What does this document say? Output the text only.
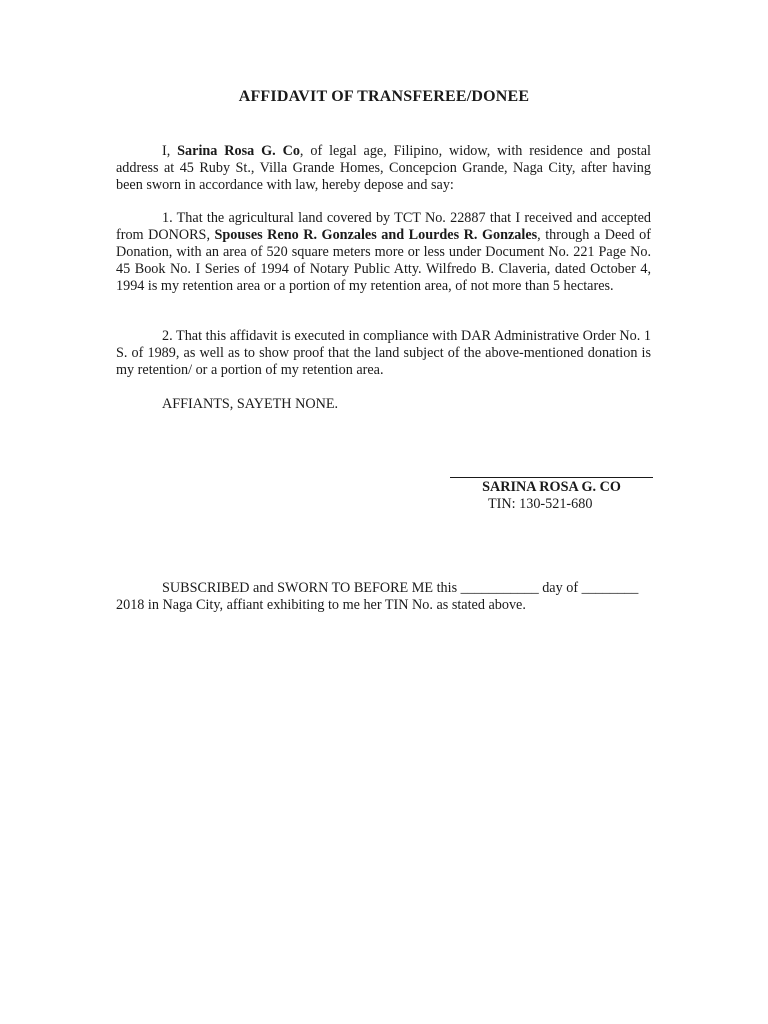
AFFIDAVIT OF TRANSFEREE/DONEE
I, Sarina Rosa G. Co, of legal age, Filipino, widow, with residence and postal address at 45 Ruby St., Villa Grande Homes, Concepcion Grande, Naga City, after having been sworn in accordance with law, hereby depose and say:
1. That the agricultural land covered by TCT No. 22887 that I received and accepted from DONORS, Spouses Reno R. Gonzales and Lourdes R. Gonzales, through a Deed of Donation, with an area of 520 square meters more or less under Document No. 221 Page No. 45 Book No. I Series of 1994 of Notary Public Atty. Wilfredo B. Claveria, dated October 4, 1994 is my retention area or a portion of my retention area, of not more than 5 hectares.
2. That this affidavit is executed in compliance with DAR Administrative Order No. 1 S. of 1989, as well as to show proof that the land subject of the above-mentioned donation is my retention/ or a portion of my retention area.
AFFIANTS, SAYETH NONE.
SARINA ROSA G. CO
TIN: 130-521-680
SUBSCRIBED and SWORN TO BEFORE ME this ___________ day of ________ 2018 in Naga City, affiant exhibiting to me her TIN No. as stated above.
